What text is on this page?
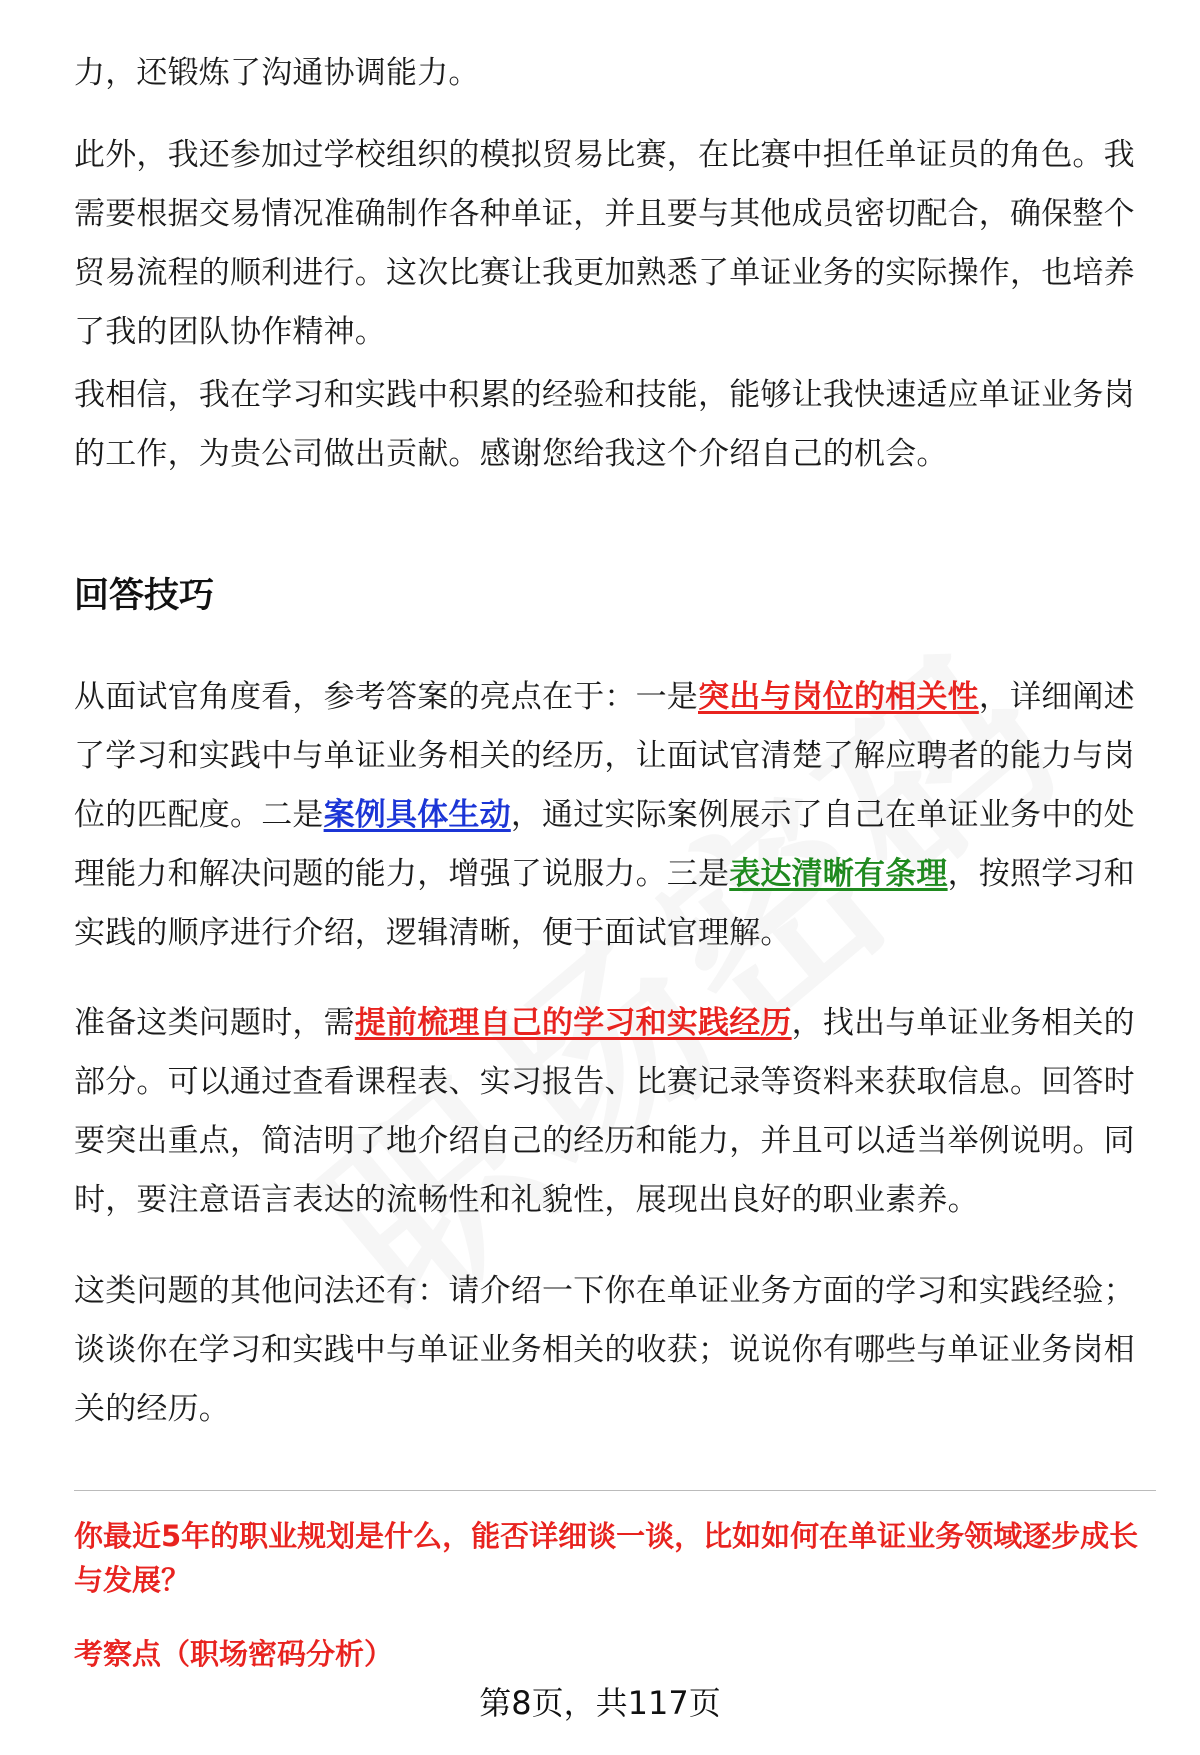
力，还锻炼了沟通协调能力。

此外，我还参加过学校组织的模拟贸易比赛，在比赛中担任单证员的角色。我需要根据交易情况准确制作各种单证，并且要与其他成员密切配合，确保整个贸易流程的顺利进行。这次比赛让我更加熟悉了单证业务的实际操作，也培养了我的团队协作精神。

我相信，我在学习和实践中积累的经验和技能，能够让我快速适应单证业务岗的工作，为贵公司做出贡献。感谢您给我这个介绍自己的机会。

回答技巧

从面试官角度看，参考答案的亮点在于：一是突出与岗位的相关性，详细阐述了学习和实践中与单证业务相关的经历，让面试官清楚了解应聘者的能力与岗位的匹配度。二是案例具体生动，通过实际案例展示了自己在单证业务中的处理能力和解决问题的能力，增强了说服力。三是表达清晰有条理，按照学习和实践的顺序进行介绍，逻辑清晰，便于面试官理解。

准备这类问题时，需提前梳理自己的学习和实践经历，找出与单证业务相关的部分。可以通过查看课程表、实习报告、比赛记录等资料来获取信息。回答时要突出重点，简洁明了地介绍自己的经历和能力，并且可以适当举例说明。同时，要注意语言表达的流畅性和礼貌性，展现出良好的职业素养。

这类问题的其他问法还有：请介绍一下你在单证业务方面的学习和实践经验；谈谈你在学习和实践中与单证业务相关的收获；说说你有哪些与单证业务岗相关的经历。

你最近5年的职业规划是什么，能否详细谈一谈，比如如何在单证业务领域逐步成长与发展？

考察点（职场密码分析）

第8页，共117页
